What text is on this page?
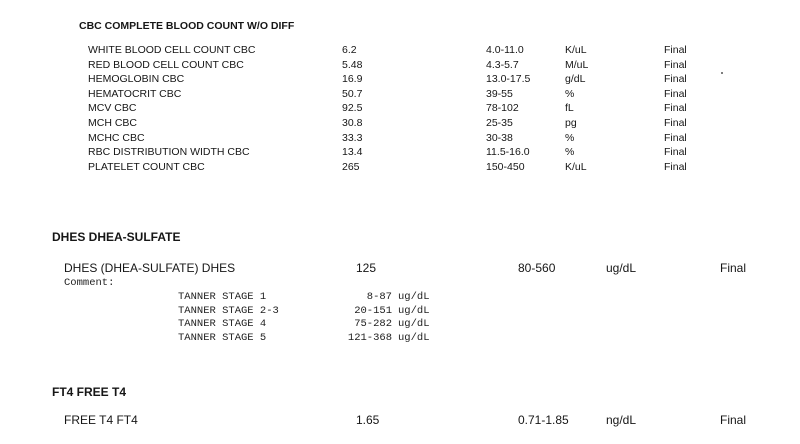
CBC COMPLETE BLOOD COUNT W/O DIFF
WHITE BLOOD CELL COUNT CBC	6.2	4.0-11.0	K/uL	Final
RED BLOOD CELL COUNT CBC	5.48	4.3-5.7	M/uL	Final
HEMOGLOBIN CBC	16.9	13.0-17.5	g/dL	Final
HEMATOCRIT CBC	50.7	39-55	%	Final
MCV CBC	92.5	78-102	fL	Final
MCH CBC	30.8	25-35	pg	Final
MCHC CBC	33.3	30-38	%	Final
RBC DISTRIBUTION WIDTH CBC	13.4	11.5-16.0	%	Final
PLATELET COUNT CBC	265	150-450	K/uL	Final
DHES DHEA-SULFATE
DHES (DHEA-SULFATE) DHES	125	80-560	ug/dL	Final
Comment:
TANNER STAGE 1	8-87 ug/dL
TANNER STAGE 2-3	20-151 ug/dL
TANNER STAGE 4	75-282 ug/dL
TANNER STAGE 5	121-368 ug/dL
FT4 FREE T4
FREE T4 FT4	1.65	0.71-1.85	ng/dL	Final
